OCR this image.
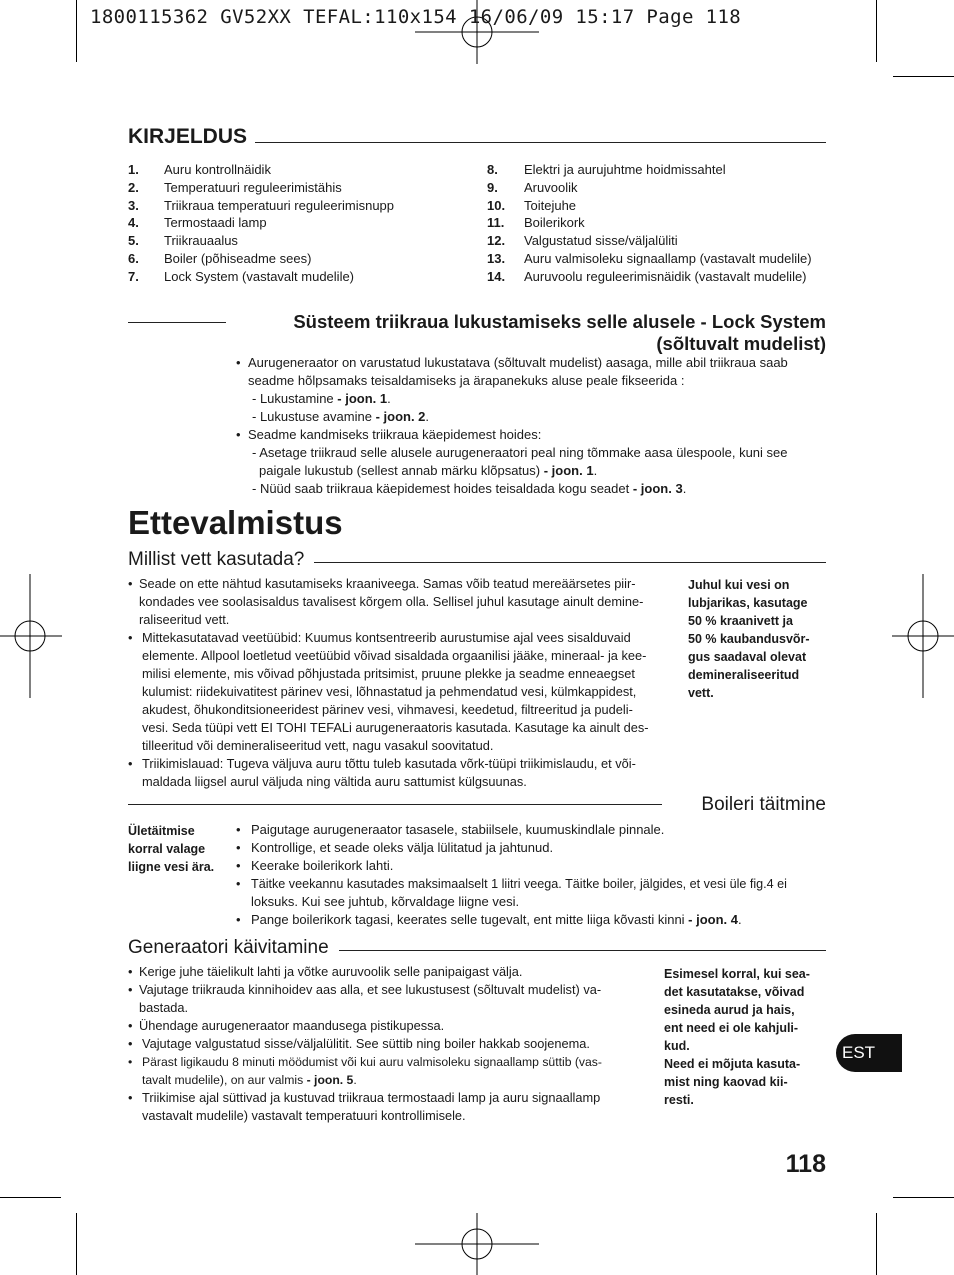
1800115362 GV52XX TEFAL:110x154 16/06/09 15:17 Page 118
KIRJELDUS
1. Auru kontrollnäidik
2. Temperatuuri reguleerimistähis
3. Triikraua temperatuuri reguleerimisnupp
4. Termostaadi lamp
5. Triikrauaalus
6. Boiler (põhiseadme sees)
7. Lock System (vastavalt mudelile)
8. Elektri ja aurujuhtme hoidmissahtel
9. Aruvoolik
10. Toitejuhe
11. Boilerikork
12. Valgustatud sisse/väljalüliti
13. Auru valmisoleku signaallamp (vastavalt mudelile)
14. Auruvoolu reguleerimisnäidik (vastavalt mudelile)
Süsteem triikraua lukustamiseks selle alusele - Lock System
(sõltuvalt mudelist)
• Aurugeneraator on varustatud lukustatava (sõltuvalt mudelist) aasaga, mille abil triikraua saab
seadme hõlpsamaks teisaldamiseks ja ärapanekuks aluse peale fikseerida :
- Lukustamine - joon. 1.
- Lukustuse avamine - joon. 2.
• Seadme kandmiseks triikraua käepidemest hoides:
- Asetage triikraud selle alusele aurugeneraatori peal ning tõmmake aasa ülespoole, kuni see
paigale lukustub (sellest annab märku klõpsatus) - joon. 1.
- Nüüd saab triikraua käepidemest hoides teisaldada kogu seadet - joon. 3.
Ettevalmistus
Millist vett kasutada?
• Seade on ette nähtud kasutamiseks kraaniveega. Samas võib teatud mereäärsetes piir-
kondades vee soolasisaldus tavalisest kõrgem olla. Sellisel juhul kasutage ainult demine-
raliseeritud vett.
• Mittekasutatavad veetüübid: Kuumus kontsentreerib aurustumise ajal vees sisalduvaid
elemente. Allpool loetletud veetüübid võivad sisaldada orgaanilisi jääke, mineraal- ja kee-
milisi elemente, mis võivad põhjustada pritsimist, pruune plekke ja seadme enneaegset
kulumist: riidekuivatitest pärinev vesi, lõhnastatud ja pehmendatud vesi, külmkappidest,
akudest, õhukonditsioneeridest pärinev vesi, vihmavesi, keedetud, filtreeritud ja pudeli-
vesi. Seda tüüpi vett EI TOHI TEFALi aurugeneraatoris kasutada. Kasutage ka ainult des-
tilleeritud või demineraliseeritud vett, nagu vasakul soovitatud.
• Triikimislauad: Tugeva väljuva auru tõttu tuleb kasutada võrk-tüüpi triikimislaudu, et või-
maldada liigsel aurul väljuda ning vältida auru sattumist külgsuunas.
Juhul kui vesi on
lubjarikas, kasutage
50 % kraanivett ja
50 % kaubandusvõr-
gus saadaval olevat
demineraliseeritud
vett.
Boileri täitmine
Ületäitmise
korral valage
liigne vesi ära.
• Paigutage aurugeneraator tasasele, stabiilsele, kuumuskindlale pinnale.
• Kontrollige, et seade oleks välja lülitatud ja jahtunud.
• Keerake boilerikork lahti.
• Täitke veekannu kasutades maksimaalselt 1 liitri veega. Täitke boiler, jälgides, et vesi üle fig.4 ei
loksuks. Kui see juhtub, kõrvaldage liigne vesi.
• Pange boilerikork tagasi, keerates selle tugevalt, ent mitte liiga kõvasti kinni - joon. 4.
Generaatori käivitamine
• Kerige juhe täielikult lahti ja võtke auruvoolik selle panipaigast välja.
• Vajutage triikrauda kinnihoidev aas alla, et see lukustusest (sõltuvalt mudelist) va-
bastada.
• Ühendage aurugeneraator maandusega pistikupessa.
• Vajutage valgustatud sisse/väljalülitit. See süttib ning boiler hakkab soojenema.
• Pärast ligikaudu 8 minuti möödumist või kui auru valmisoleku signaallamp süttib (vas-
tavalt mudelile), on aur valmis - joon. 5.
• Triikimise ajal süttivad ja kustuvad triikraua termostaadi lamp ja auru signaallamp
vastavalt mudelile) vastavalt temperatuuri kontrollimisele.
Esimesel korral, kui sea-
det kasutatakse, võivad
esineda aurud ja hais,
ent need ei ole kahjuli-
kud.
Need ei mõjuta kasuta-
mist ning kaovad kii-
resti.
EST
118
